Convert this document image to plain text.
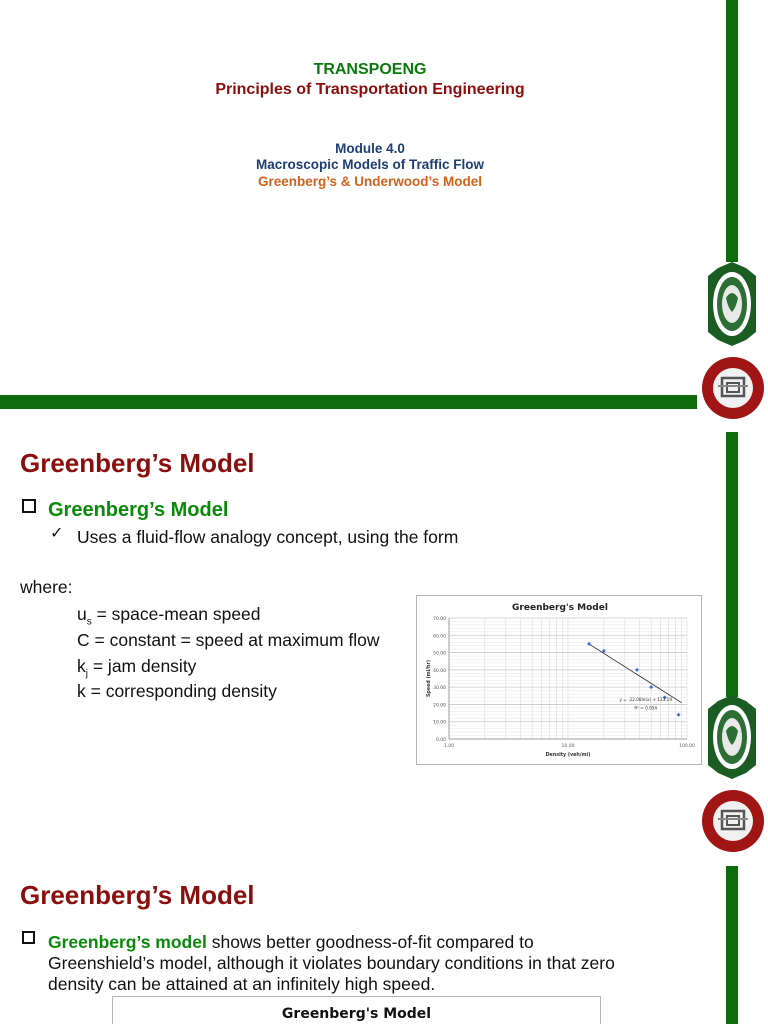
TRANSPOENG
Principles of Transportation Engineering
Module 4.0
Macroscopic Models of Traffic Flow
Greenberg’s & Underwood’s Model
Greenberg’s Model
Greenberg’s Model
✓ Uses a fluid-flow analogy concept, using the form
where:
$u_s$ = space-mean speed
C = constant = speed at maximum flow
$k_j$ = jam density
k = corresponding density
Greenberg's Model
0.00
10.00
20.00
30.00
40.00
50.00
60.00
70.00
1.00	10.00	100.00
Density (veh/mi)
Speed (mi/hr)
y = -22.08ln(x) + 113.19
R² = 0.954
Greenberg’s Model
Greenberg’s model shows better goodness-of-fit compared to
Greenshield’s model, although it violates boundary conditions in that zero
density can be attained at an infinitely high speed.
Greenberg's Model
